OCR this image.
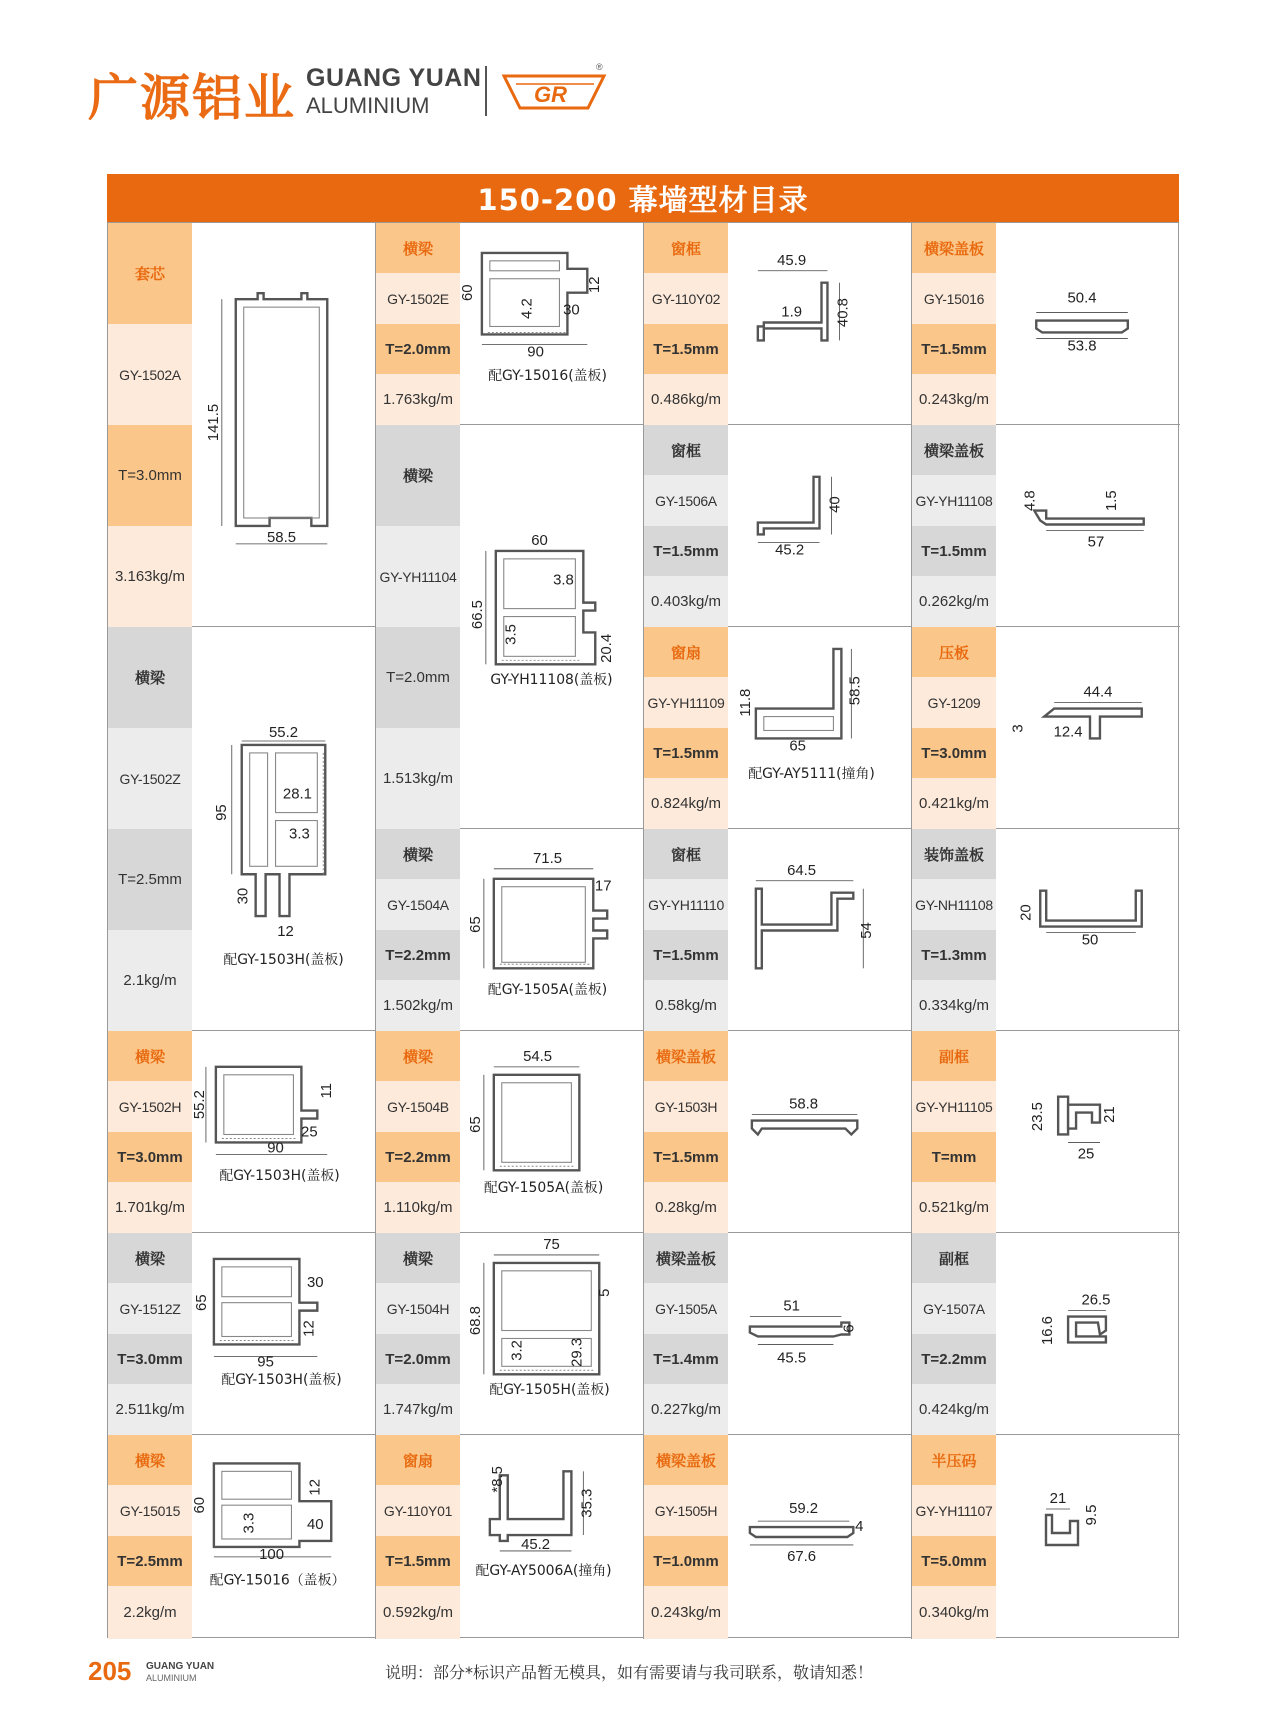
广源铝业 GUANG YUAN
ALUMINIUM	GR
®
150-200 幕墙型材目录
套芯
GY-1502A
T=3.0mm
3.163kg/m
141.5
58.5
横梁
GY-1502Z
T=2.5mm
2.1kg/m
55.2
28.1
95
3.3
30
12
配GY-1503H(盖板)
横梁
GY-1502H
T=3.0mm
1.701kg/m
55.2	11
25
90
配GY-1503H(盖板)
横梁
GY-1512Z
T=3.0mm
2.511kg/m
30
65
12
95
配GY-1503H(盖板)
横梁
GY-15015
T=2.5mm
2.2kg/m
12
60
3.3	40
100
配GY-15016（盖板）
横梁
GY-1502E
T=2.0mm
1.763kg/m
60
4.2 30
12
90
配GY-15016(盖板)
横梁
GY-YH11104
T=2.0mm
1.513kg/m
60
3.8
66.5
3.5	20.4
GY-YH11108(盖板)
横梁
GY-1504A
T=2.2mm
1.502kg/m
71.5
17
65
配GY-1505A(盖板)
横梁
GY-1504B
T=2.2mm
1.110kg/m
54.5
65
配GY-1505A(盖板)
横梁
GY-1504H
T=2.0mm
1.747kg/m
75
5
68.8
3.2	29.3
配GY-1505H(盖板)
窗扇
GY-110Y01
T=1.5mm
0.592kg/m
35.3
*8.5
45.2
配GY-AY5006A(撞角)
窗框
GY-110Y02
T=1.5mm
0.486kg/m
45.9
1.9 40.8
窗框
GY-1506A
T=1.5mm
0.403kg/m
40
45.2
窗扇
GY-YH11109
T=1.5mm
0.824kg/m
11.8	58.5
65
配GY-AY5111(撞角)
窗框
GY-YH11110
T=1.5mm
0.58kg/m
64.5
54
横梁盖板
GY-1503H
T=1.5mm
0.28kg/m
58.8
横梁盖板
GY-1505A
T=1.4mm
0.227kg/m
51
6
45.5
横梁盖板
GY-1505H
T=1.0mm
0.243kg/m
59.2
4
67.6
横梁盖板
GY-15016
T=1.5mm
0.243kg/m
50.4
53.8
横梁盖板
GY-YH11108
T=1.5mm
0.262kg/m
4.8	1.5
57
压板
GY-1209
T=3.0mm
0.421kg/m
44.4
3 12.4
装饰盖板
GY-NH11108
T=1.3mm
0.334kg/m
20
50
副框
GY-YH11105
T=mm
0.521kg/m
23.5	21
25
副框
GY-1507A
T=2.2mm
0.424kg/m
26.5
16.6
半压码
GY-YH11107
T=5.0mm
0.340kg/m
21
9.5
205 GUANG YUAN
ALUMINIUM	说明：部分*标识产品暂无模具，如有需要请与我司联系，敬请知悉！
